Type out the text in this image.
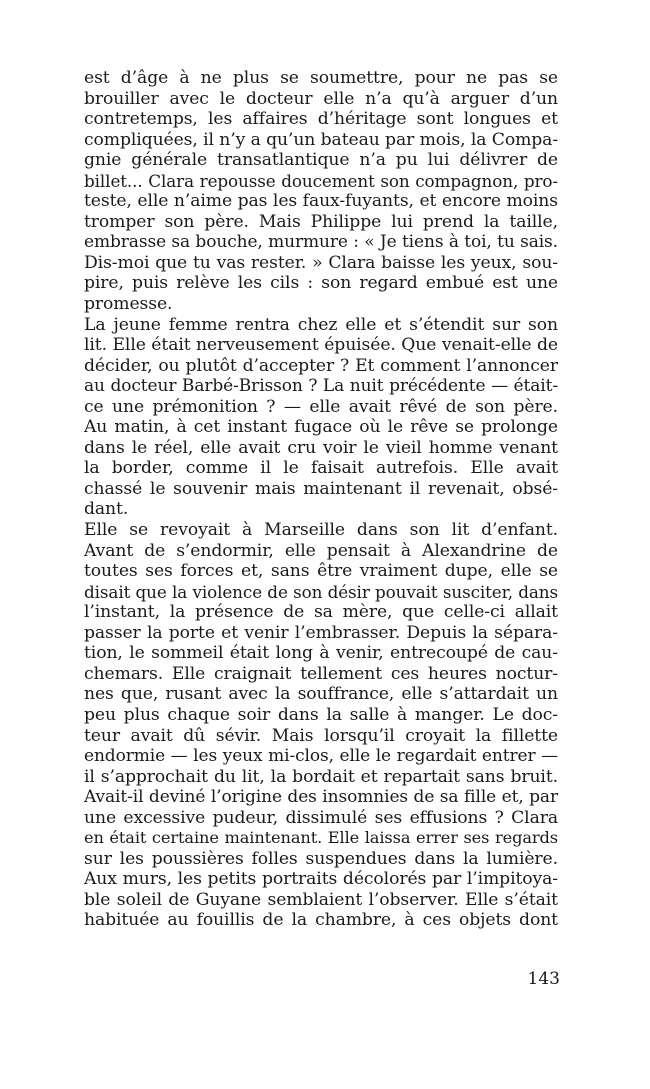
est d’âge à ne plus se soumettre, pour ne pas se
brouiller avec le docteur elle n’a qu’à arguer d’un
contretemps, les affaires d’héritage sont longues et
compliquées, il n’y a qu’un bateau par mois, la Compa-
gnie générale transatlantique n’a pu lui délivrer de
billet... Clara repousse doucement son compagnon, pro-
teste, elle n’aime pas les faux-fuyants, et encore moins
tromper son père. Mais Philippe lui prend la taille,
embrasse sa bouche, murmure : « Je tiens à toi, tu sais.
Dis-moi que tu vas rester. » Clara baisse les yeux, sou-
pire, puis relève les cils : son regard embué est une
promesse.
La jeune femme rentra chez elle et s’étendit sur son
lit. Elle était nerveusement épuisée. Que venait-elle de
décider, ou plutôt d’accepter ? Et comment l’annoncer
au docteur Barbé-Brisson ? La nuit précédente — était-
ce une prémonition ? — elle avait rêvé de son père.
Au matin, à cet instant fugace où le rêve se prolonge
dans le réel, elle avait cru voir le vieil homme venant
la border, comme il le faisait autrefois. Elle avait
chassé le souvenir mais maintenant il revenait, obsé-
dant.
Elle se revoyait à Marseille dans son lit d’enfant.
Avant de s’endormir, elle pensait à Alexandrine de
toutes ses forces et, sans être vraiment dupe, elle se
disait que la violence de son désir pouvait susciter, dans
l’instant, la présence de sa mère, que celle-ci allait
passer la porte et venir l’embrasser. Depuis la sépara-
tion, le sommeil était long à venir, entrecoupé de cau-
chemars. Elle craignait tellement ces heures noctur-
nes que, rusant avec la souffrance, elle s’attardait un
peu plus chaque soir dans la salle à manger. Le doc-
teur avait dû sévir. Mais lorsqu’il croyait la fillette
endormie — les yeux mi-clos, elle le regardait entrer —
il s’approchait du lit, la bordait et repartait sans bruit.
Avait-il deviné l’origine des insomnies de sa fille et, par
une excessive pudeur, dissimulé ses effusions ? Clara
en était certaine maintenant. Elle laissa errer ses regards
sur les poussières folles suspendues dans la lumière.
Aux murs, les petits portraits décolorés par l’impitoya-
ble soleil de Guyane semblaient l’observer. Elle s’était
habituée au fouillis de la chambre, à ces objets dont
143
